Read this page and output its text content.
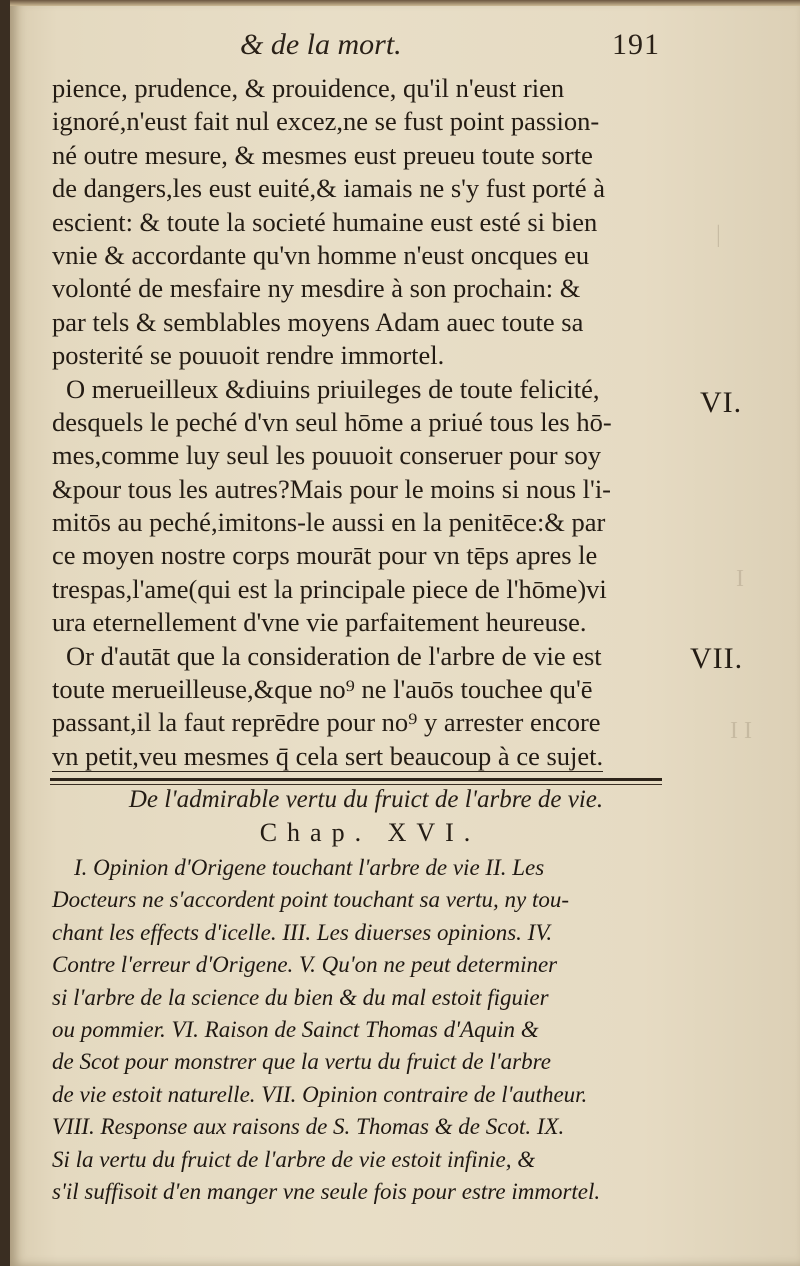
& de la mort.	191
pience, prudence, & prouidence, qu'il n'eust rien
ignoré,n'eust fait nul excez,ne se fust point passion-
né outre mesure, & mesmes eust preueu toute sorte
de dangers,les eust euité,& iamais ne s'y fust porté à
escient: & toute la societé humaine eust esté si bien
vnie & accordante qu'vn homme n'eust oncques eu
volonté de mesfaire ny mesdire à son prochain: &
par tels & semblables moyens Adam auec toute sa
posterité se pouuoit rendre immortel.
O merueilleux &diuins priuileges de toute felicité,
desquels le peché d'vn seul hōme a priué tous les hō-
mes,comme luy seul les pouuoit conseruer pour soy
&pour tous les autres?Mais pour le moins si nous l'i-
mitōs au peché,imitons-le aussi en la penitēce:& par
ce moyen nostre corps mourāt pour vn tēps apres le
trespas,l'ame(qui est la principale piece de l'hōme)vi
ura eternellement d'vne vie parfaitement heureuse.
Or d'autāt que la consideration de l'arbre de vie est
toute merueilleuse,&que no⁹ ne l'auōs touchee qu'ē
passant,il la faut reprēdre pour no⁹ y arrester encore
vn petit,veu mesmes q̄ cela sert beaucoup à ce sujet.
VI.
VII.
|
I
I I
De l'admirable vertu du fruict de l'arbre de vie.
Chap. XVI.
I. Opinion d'Origene touchant l'arbre de vie II. Les
Docteurs ne s'accordent point touchant sa vertu, ny tou-
chant les effects d'icelle. III. Les diuerses opinions. IV.
Contre l'erreur d'Origene. V. Qu'on ne peut determiner
si l'arbre de la science du bien & du mal estoit figuier
ou pommier. VI. Raison de Sainct Thomas d'Aquin &
de Scot pour monstrer que la vertu du fruict de l'arbre
de vie estoit naturelle. VII. Opinion contraire de l'autheur.
VIII. Response aux raisons de S. Thomas & de Scot. IX.
Si la vertu du fruict de l'arbre de vie estoit infinie, &
s'il suffisoit d'en manger vne seule fois pour estre immortel.
